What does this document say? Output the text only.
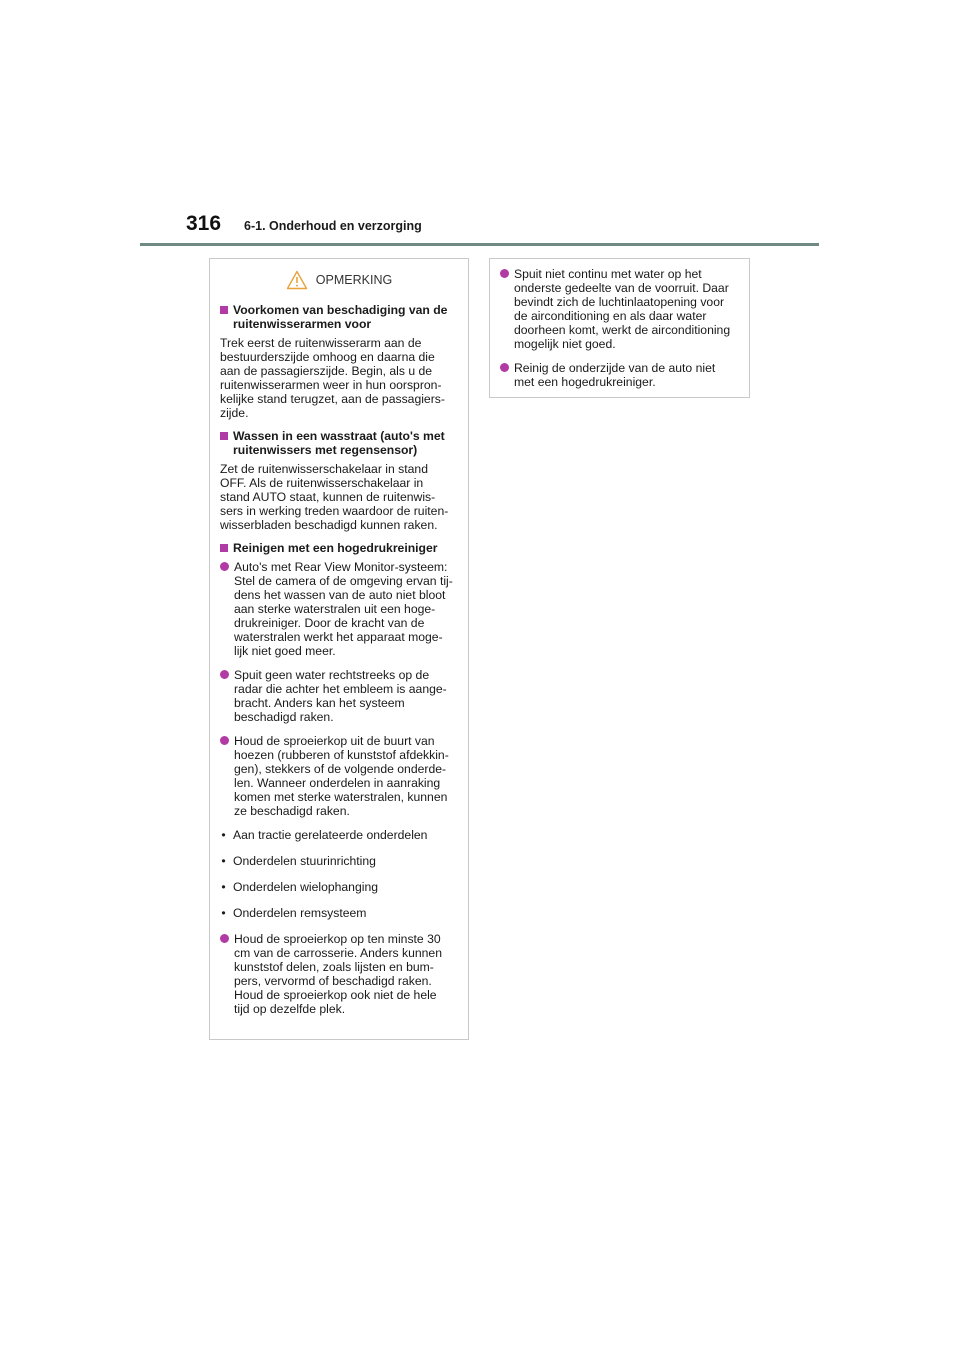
316 6-1. Onderhoud en verzorging
OPMERKING
Voorkomen van beschadiging van de
ruitenwisserarmen voor
Trek eerst de ruitenwisserarm aan de
bestuurderszijde omhoog en daarna die
aan de passagierszijde. Begin, als u de
ruitenwisserarmen weer in hun oorspron-
kelijke stand terugzet, aan de passagiers-
zijde.
Wassen in een wasstraat (auto's met
ruitenwissers met regensensor)
Zet de ruitenwisserschakelaar in stand
OFF. Als de ruitenwisserschakelaar in
stand AUTO staat, kunnen de ruitenwis-
sers in werking treden waardoor de ruiten-
wisserbladen beschadigd kunnen raken.
Reinigen met een hogedrukreiniger
Auto's met Rear View Monitor-systeem:
Stel de camera of de omgeving ervan tij-
dens het wassen van de auto niet bloot
aan sterke waterstralen uit een hoge-
drukreiniger. Door de kracht van de
waterstralen werkt het apparaat moge-
lijk niet goed meer.
Spuit geen water rechtstreeks op de
radar die achter het embleem is aange-
bracht. Anders kan het systeem
beschadigd raken.
Houd de sproeierkop uit de buurt van
hoezen (rubberen of kunststof afdekkin-
gen), stekkers of de volgende onderde-
len. Wanneer onderdelen in aanraking
komen met sterke waterstralen, kunnen
ze beschadigd raken.
• Aan tractie gerelateerde onderdelen
• Onderdelen stuurinrichting
• Onderdelen wielophanging
• Onderdelen remsysteem
Houd de sproeierkop op ten minste 30
cm van de carrosserie. Anders kunnen
kunststof delen, zoals lijsten en bum-
pers, vervormd of beschadigd raken.
Houd de sproeierkop ook niet de hele
tijd op dezelfde plek.
Spuit niet continu met water op het
onderste gedeelte van de voorruit. Daar
bevindt zich de luchtinlaatopening voor
de airconditioning en als daar water
doorheen komt, werkt de airconditioning
mogelijk niet goed.
Reinig de onderzijde van de auto niet
met een hogedrukreiniger.
